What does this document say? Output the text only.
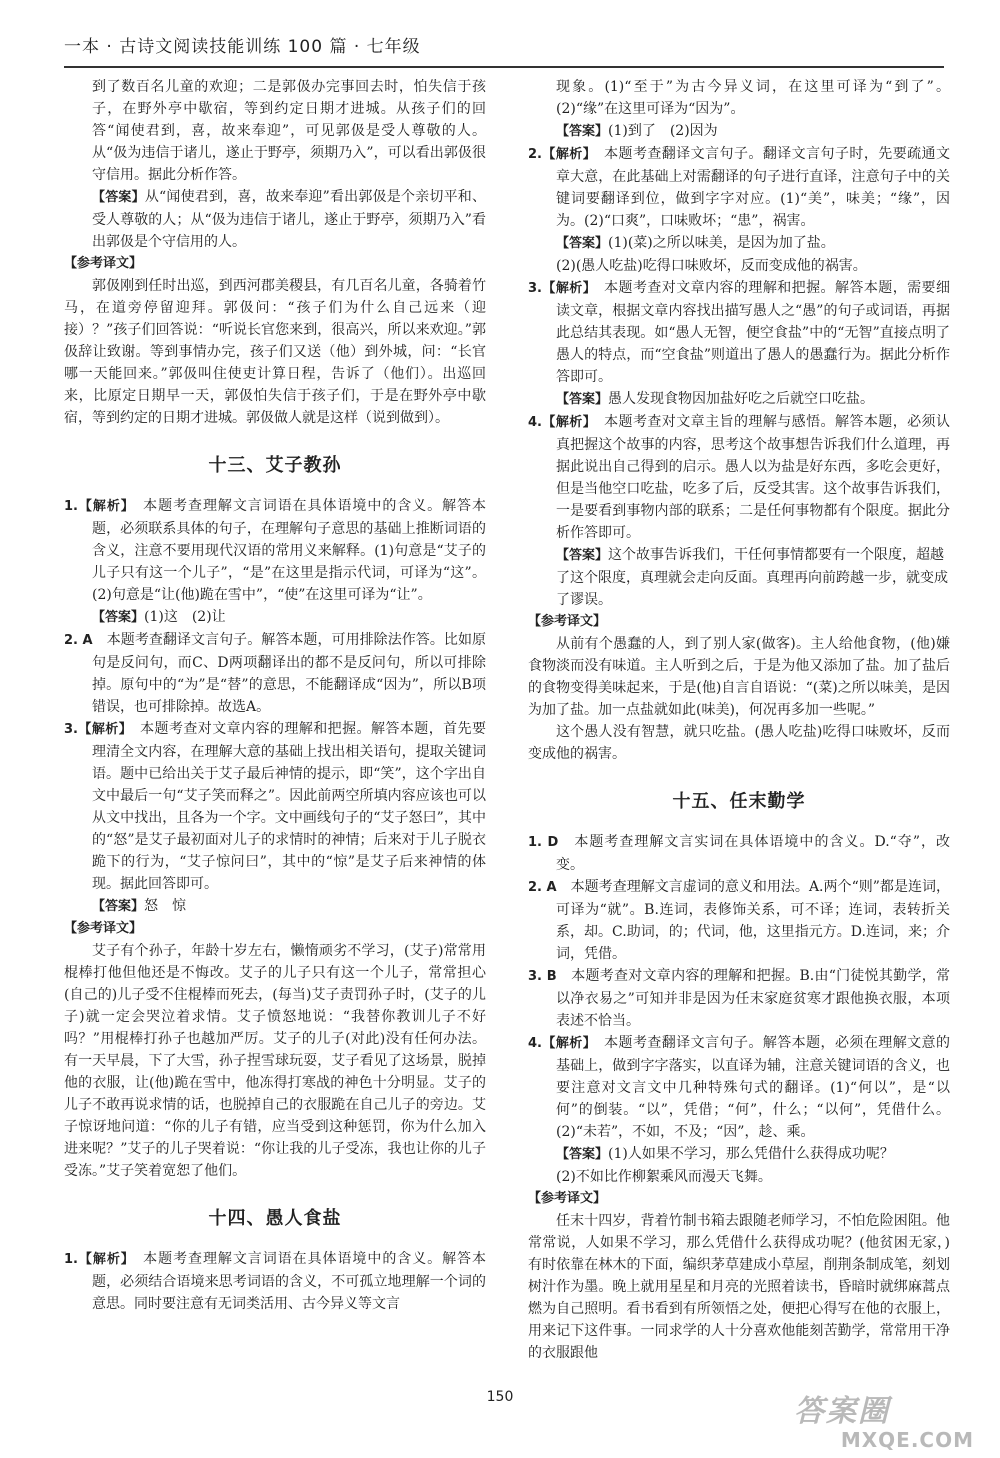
一本 · 古诗文阅读技能训练 100 篇 · 七年级

到了数百名儿童的欢迎；二是郭伋办完事回去时，怕失信于孩子，在野外亭中歇宿，等到约定日期才进城。从孩子们的回答“闻使君到，喜，故来奉迎”，可见郭伋是受人尊敬的人。从“伋为违信于诸儿，遂止于野亭，须期乃入”，可以看出郭伋很守信用。据此分析作答。

【答案】从“闻使君到，喜，故来奉迎”看出郭伋是个亲切平和、受人尊敬的人；从“伋为违信于诸儿，遂止于野亭，须期乃入”看出郭伋是个守信用的人。

【参考译文】

郭伋刚到任时出巡，到西河郡美稷县，有几百名儿童，各骑着竹马，在道旁停留迎拜。郭伋问：“孩子们为什么自己远来（迎接）？”孩子们回答说：“听说长官您来到，很高兴，所以来欢迎。”郭伋辞让致谢。等到事情办完，孩子们又送（他）到外城，问：“长官哪一天能回来。”郭伋叫住使吏计算日程，告诉了（他们）。出巡回来，比原定日期早一天，郭伋怕失信于孩子们，于是在野外亭中歇宿，等到约定的日期才进城。郭伋做人就是这样（说到做到）。

十三、艾子教孙

1.【解析】　 本题考查理解文言词语在具体语境中的含义。解答本题，必须联系具体的句子，在理解句子意思的基础上推断词语的含义，注意不要用现代汉语的常用义来解释。(1)句意是“艾子的儿子只有这一个儿子”，“是”在这里是指示代词，可译为“这”。(2)句意是“让(他)跪在雪中”，“使”在这里可译为“让”。

【答案】(1)这　(2)让

2. A　 本题考查翻译文言句子。解答本题，可用排除法作答。比如原句是反问句，而C、D两项翻译出的都不是反问句，所以可排除掉。原句中的“为”是“替”的意思，不能翻译成“因为”，所以B项错误，也可排除掉。故选A。

3.【解析】　 本题考查对文章内容的理解和把握。解答本题，首先要理清全文内容，在理解大意的基础上找出相关语句，提取关键词语。题中已给出关于艾子最后神情的提示，即“笑”，这个字出自文中最后一句“艾子笑而释之”。因此前两空所填内容应该也可以从文中找出，且各为一个字。文中画线句子的“艾子怒曰”，其中的“怒”是艾子最初面对儿子的求情时的神情；后来对于儿子脱衣跪下的行为，“艾子惊问曰”，其中的“惊”是艾子后来神情的体现。据此回答即可。

【答案】怒　惊

【参考译文】

艾子有个孙子，年龄十岁左右，懒惰顽劣不学习，(艾子)常常用棍棒打他但他还是不悔改。艾子的儿子只有这一个儿子，常常担心(自己的)儿子受不住棍棒而死去，(每当)艾子责罚孙子时，(艾子的儿子)就一定会哭泣着求情。艾子愤怒地说：“我替你教训儿子不好吗？”用棍棒打孙子也越加严厉。艾子的儿子(对此)没有任何办法。有一天早晨，下了大雪，孙子捏雪球玩耍，艾子看见了这场景，脱掉他的衣服，让(他)跪在雪中，他冻得打寒战的神色十分明显。艾子的儿子不敢再说求情的话，也脱掉自己的衣服跪在自己儿子的旁边。艾子惊讶地问道：“你的儿子有错，应当受到这种惩罚，你为什么加入进来呢？”艾子的儿子哭着说：“你让我的儿子受冻，我也让你的儿子受冻。”艾子笑着宽恕了他们。

十四、愚人食盐

1.【解析】　 本题考查理解文言词语在具体语境中的含义。解答本题，必须结合语境来思考词语的含义，不可孤立地理解一个词的意思。同时要注意有无词类活用、古今异义等文言

现象。(1)“至于”为古今异义词，在这里可译为“到了”。(2)“缘”在这里可译为“因为”。

【答案】(1)到了　(2)因为

2.【解析】　 本题考查翻译文言句子。翻译文言句子时，先要疏通文章大意，在此基础上对需翻译的句子进行直译，注意句子中的关键词要翻译到位，做到字字对应。(1)“美”，味美；“缘”，因为。(2)“口爽”，口味败坏；“患”，祸害。

【答案】(1)(菜)之所以味美，是因为加了盐。

(2)(愚人吃盐)吃得口味败坏，反而变成他的祸害。

3.【解析】　 本题考查对文章内容的理解和把握。解答本题，需要细读文章，根据文章内容找出描写愚人之“愚”的句子或词语，再据此总结其表现。如“愚人无智，便空食盐”中的“无智”直接点明了愚人的特点，而“空食盐”则道出了愚人的愚蠢行为。据此分析作答即可。

【答案】愚人发现食物因加盐好吃之后就空口吃盐。

4.【解析】　 本题考查对文章主旨的理解与感悟。解答本题，必须认真把握这个故事的内容，思考这个故事想告诉我们什么道理，再据此说出自己得到的启示。愚人以为盐是好东西，多吃会更好，但是当他空口吃盐，吃多了后，反受其害。这个故事告诉我们，一是要看到事物内部的联系；二是任何事物都有个限度。据此分析作答即可。

【答案】这个故事告诉我们，干任何事情都要有一个限度，超越了这个限度，真理就会走向反面。真理再向前跨越一步，就变成了谬误。

【参考译文】

从前有个愚蠢的人，到了别人家(做客)。主人给他食物，(他)嫌食物淡而没有味道。主人听到之后，于是为他又添加了盐。加了盐后的食物变得美味起来，于是(他)自言自语说：“(菜)之所以味美，是因为加了盐。加一点盐就如此(味美)，何况再多加一些呢。”

这个愚人没有智慧，就只吃盐。(愚人吃盐)吃得口味败坏，反而变成他的祸害。

十五、任末勤学

1. D　 本题考查理解文言实词在具体语境中的含义。D.“夺”，改变。

2. A　 本题考查理解文言虚词的意义和用法。A.两个“则”都是连词，可译为“就”。B.连词，表修饰关系，可不译；连词，表转折关系，却。C.助词，的；代词，他，这里指元方。D.连词，来；介词，凭借。

3. B　 本题考查对文章内容的理解和把握。B.由“门徒悦其勤学，常以净衣易之”可知并非是因为任末家庭贫寒才跟他换衣服，本项表述不恰当。

4.【解析】　 本题考查翻译文言句子。解答本题，必须在理解文意的基础上，做到字字落实，以直译为辅，注意关键词语的含义，也要注意对文言文中几种特殊句式的翻译。(1)“何以”，是“以何”的倒装。“以”，凭借；“何”，什么；“以何”，凭借什么。(2)“未若”，不如，不及；“因”，趁、乘。

【答案】(1)人如果不学习，那么凭借什么获得成功呢？

(2)不如比作柳絮乘风而漫天飞舞。

【参考译文】

任末十四岁，背着竹制书箱去跟随老师学习，不怕危险困阻。他常常说，人如果不学习，那么凭借什么获得成功呢？(他贫困无家，)有时依靠在林木的下面，编织茅草建成小草屋，削荆条制成笔，刻划树汁作为墨。晚上就用星星和月亮的光照着读书，昏暗时就绑麻蒿点燃为自己照明。看书看到有所领悟之处，便把心得写在他的衣服上，用来记下这件事。一同求学的人十分喜欢他能刻苦勤学，常常用干净的衣服跟他

150	答案圈
MXQE.COM
